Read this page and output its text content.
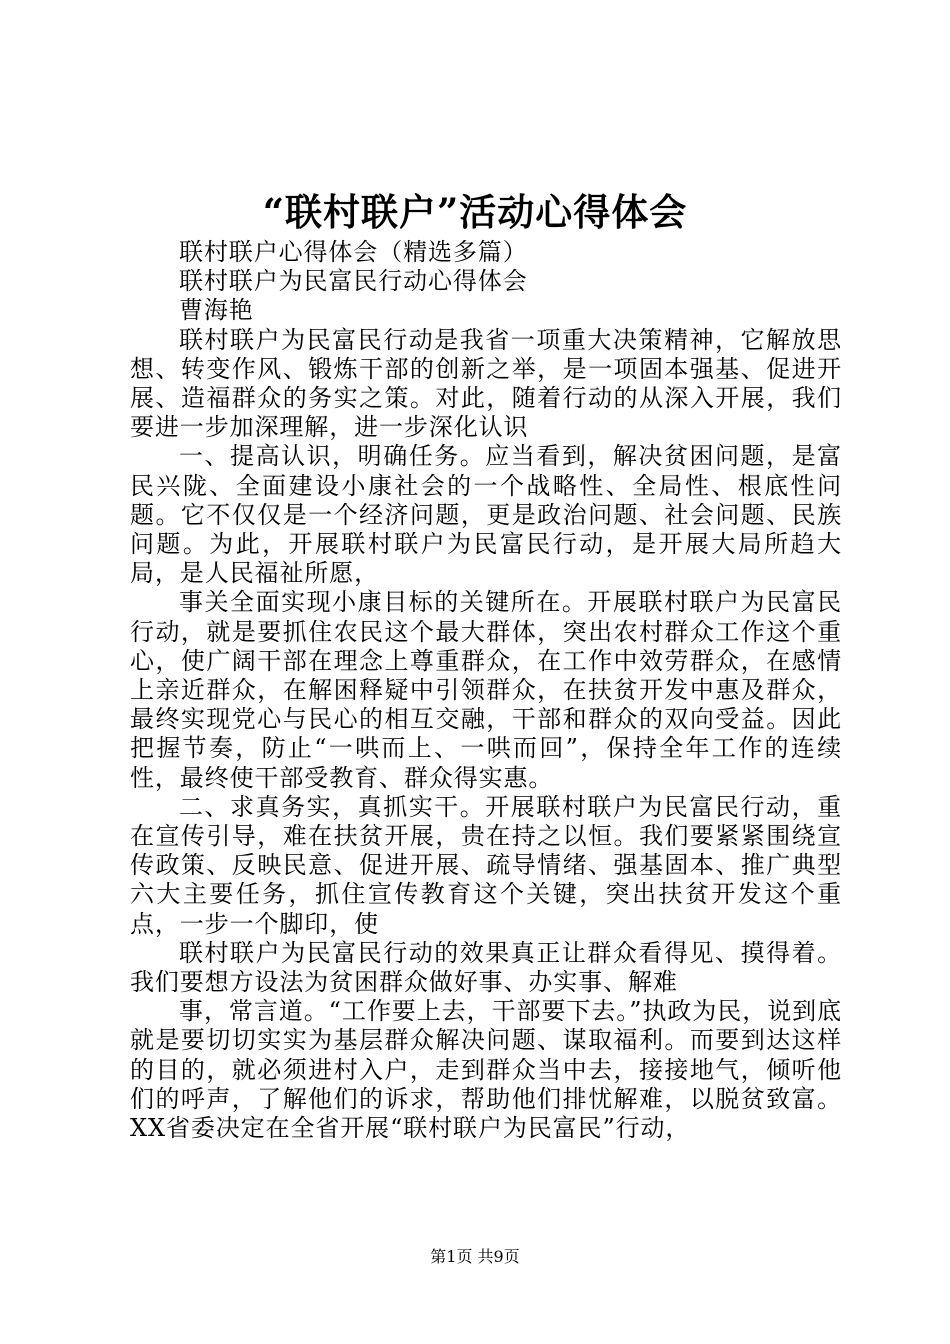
“联村联户”活动心得体会

联村联户心得体会（精选多篇）

联村联户为民富民行动心得体会

曹海艳

联村联户为民富民行动是我省一项重大决策精神，它解放思想、转变作风、锻炼干部的创新之举，是一项固本强基、促进开展、造福群众的务实之策。对此，随着行动的从深入开展，我们要进一步加深理解，进一步深化认识

一、提高认识，明确任务。应当看到，解决贫困问题，是富民兴陇、全面建设小康社会的一个战略性、全局性、根底性问题。它不仅仅是一个经济问题，更是政治问题、社会问题、民族问题。为此，开展联村联户为民富民行动，是开展大局所趋大局，是人民福祉所愿，

事关全面实现小康目标的关键所在。开展联村联户为民富民行动，就是要抓住农民这个最大群体，突出农村群众工作这个重心，使广阔干部在理念上尊重群众，在工作中效劳群众，在感情上亲近群众，在解困释疑中引领群众，在扶贫开发中惠及群众，最终实现党心与民心的相互交融，干部和群众的双向受益。因此把握节奏，防止“一哄而上、一哄而回”，保持全年工作的连续性，最终使干部受教育、群众得实惠。

二、求真务实，真抓实干。开展联村联户为民富民行动，重在宣传引导，难在扶贫开展，贵在持之以恒。我们要紧紧围绕宣传政策、反映民意、促进开展、疏导情绪、强基固本、推广典型六大主要任务，抓住宣传教育这个关键，突出扶贫开发这个重点，一步一个脚印，使

联村联户为民富民行动的效果真正让群众看得见、摸得着。我们要想方设法为贫困群众做好事、办实事、解难

事，常言道。“工作要上去，干部要下去。”执政为民，说到底就是要切切实实为基层群众解决问题、谋取福利。而要到达这样的目的，就必须进村入户，走到群众当中去，接接地气，倾听他们的呼声，了解他们的诉求，帮助他们排忧解难，以脱贫致富。XX省委决定在全省开展“联村联户为民富民”行动，

第1页 共9页
